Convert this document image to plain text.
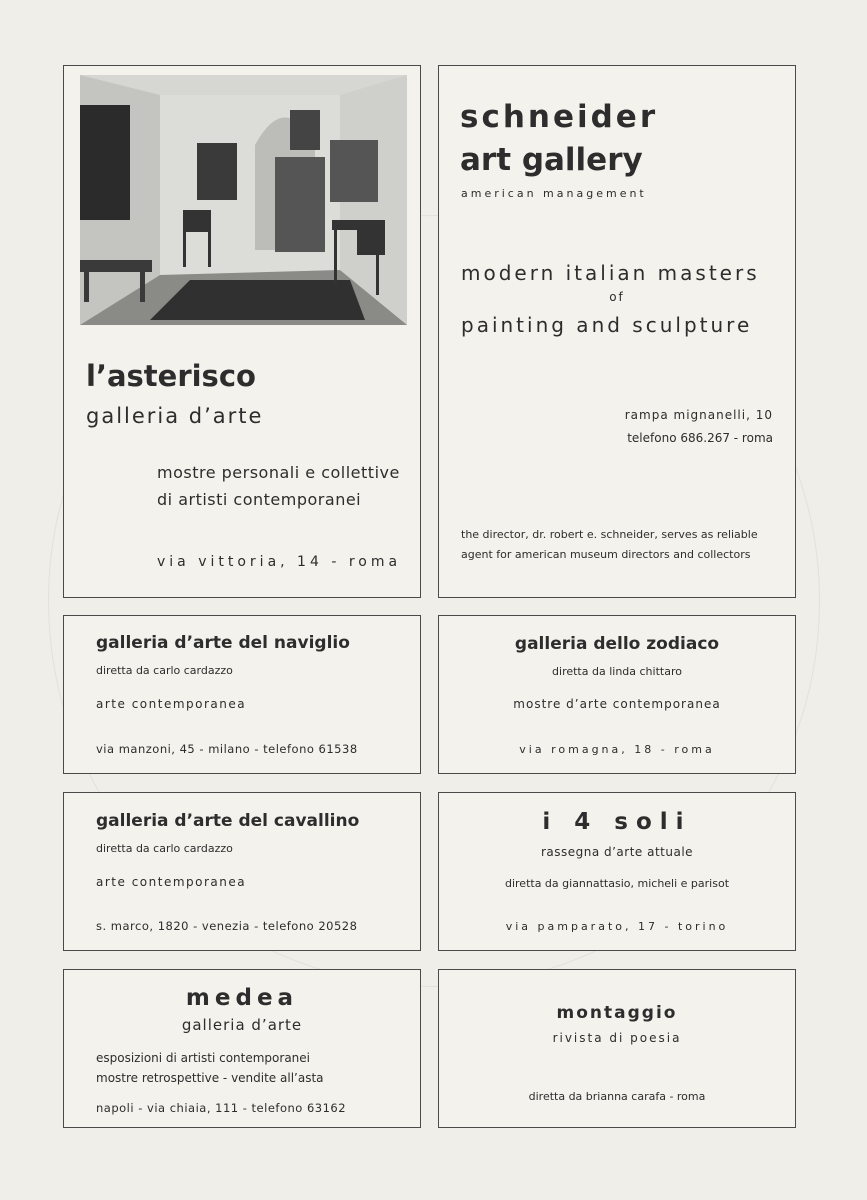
l’asterisco
galleria d’arte
mostre personali e collettive
di artisti contemporanei
via vittoria, 14 - roma
schneider
art gallery
american management
modern italian masters
of
painting and sculpture
rampa mignanelli, 10
telefono 686.267 - roma
the director, dr. robert e. schneider, serves as reliable
agent for american museum directors and collectors
galleria d’arte del naviglio
diretta da carlo cardazzo
arte contemporanea
via manzoni, 45 - milano - telefono 61538
galleria dello zodiaco
diretta da linda chittaro
mostre d’arte contemporanea
via romagna, 18 - roma
galleria d’arte del cavallino
diretta da carlo cardazzo
arte contemporanea
s. marco, 1820 - venezia - telefono 20528
i 4 soli
rassegna d’arte attuale
diretta da giannattasio, micheli e parisot
via pamparato, 17 - torino
medea
galleria d’arte
esposizioni di artisti contemporanei
mostre retrospettive - vendite all’asta
napoli - via chiaia, 111 - telefono 63162
montaggio
rivista di poesia
diretta da brianna carafa - roma
